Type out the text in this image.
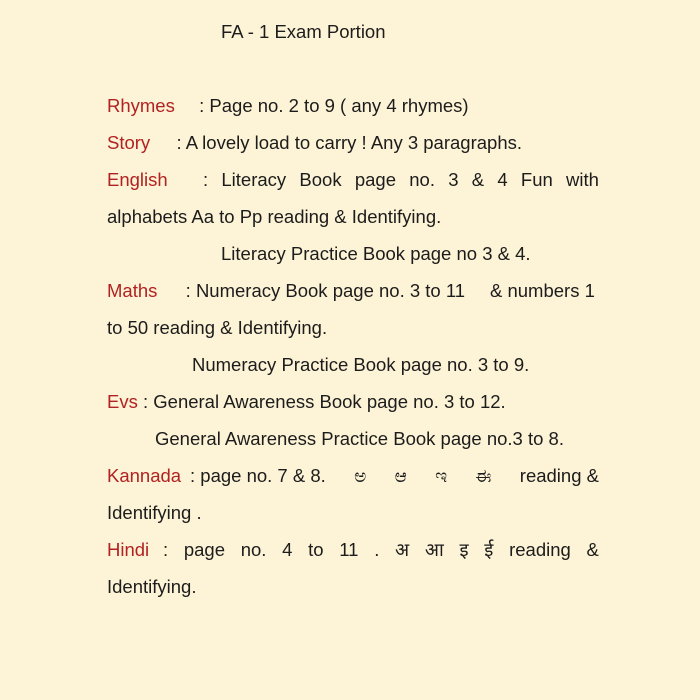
FA - 1 Exam Portion
Rhymes : Page no. 2 to 9 ( any 4 rhymes)
Story : A lovely load to carry ! Any 3 paragraphs.
English : Literacy Book page no. 3 & 4 Fun with
alphabets Aa to Pp reading & Identifying.
Literacy Practice Book page no 3 & 4.
Maths : Numeracy Book page no. 3 to 11 & numbers 1
to 50 reading & Identifying.
Numeracy Practice Book page no. 3 to 9.
Evs : General Awareness Book page no. 3 to 12.
General Awareness Practice Book page no.3 to 8.
Kannada : page no. 7 & 8. ಅ ಆ ಇ ಈ reading &
Identifying .
Hindi : page no. 4 to 11 . अ आ इ ई reading &
Identifying.
